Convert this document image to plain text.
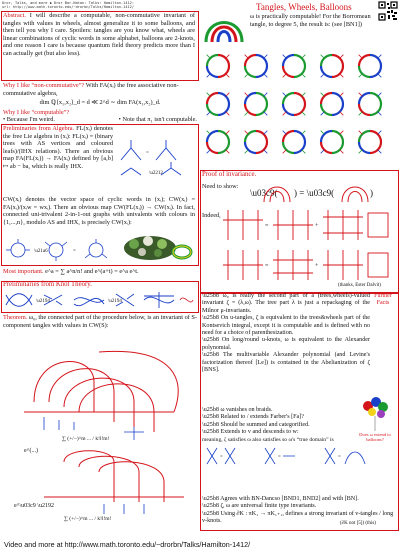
Dror, Talks, and more ◆ Dror Bar-Natan: Talks: Hamilton-1412:
url: http://www.math.toronto.edu/~drorbn/Talks/Hamilton-1412/	Tangles, Wheels, Balloons
Abstract. I will describe a computable, non-commutative invariant of tangles with values in wheels, almost generalize it to some balloons, and then tell you why I care. Spoilers: tangles are you know what, wheels are linear combinations of cyclic words in some alphabet, balloons are 2-knots, and one reason I care is because quantum field theory predicts more than I can actually get (but also less).
Why I like “non-commutative”? With FA(xᵢ) the free associative non-commutative algebra,
dim ℚ⟨x₁,x₂⟩_d = d ≪ 2^d ∼ dim FA(x₁,x₂)_d.
Why I like “computable”?
• Because I'm weird.	• Note that π₁ isn't computable.
Preliminaries from Algebra. FL(xᵢ) denotes the free Lie algebra in (xᵢ): FL(xᵢ) = (binary trees with AS vertices and coloured leafs)/(IHX relations). There an obvious map FA(FL(xᵢ)) → FA(xᵢ) defined by [a,b] ↦ ab − ba, which is really IHX.
=
\u2212
CW(xᵢ) denotes the vector space of cyclic words in (xᵢ); CW(xᵢ) = FA(xᵢ)/(xᵢw = wxᵢ). There an obvious map CW(FL(xᵢ)) → CW(xᵢ). In fact, connected uni-trivalent 2-in-1-out graphs with univalents with colours in {1,...,n}, modulo AS and IHX, is precisely CW(xᵢ):
\u21a6	=
Most important. e^a = ∑ a^n/n! and e^(a+t) = e^a e^t.
Preliminaries from Knot Theory.
\u2194	\u2194
Theorem. ω₀, the connected part of the procedure below, is an invariant of S-component tangles with values in CW(S):
e^(...)
∑ (+/−)^m ... / k!l!m!
e^\u03c9 \u2192
∑ (+/−)^m ... / k!l!m!
ω is practically computable! For the Borromean tangle, to degree 5, the result is: (see [BN1])
Proof of invariance.
Need to show:
\u03c9( ) = \u03c9(	)
Indeed,
=	+
=	+
(thanks, Ester Dalvit)
Further Facts
\u25b8 ω₀ is really the second part of a (trees,wheels)-valued invariant ζ = (λ,ω). The tree part λ is just a repackaging of the Milnor μ-invariants.
\u25b8 On u-tangles, ζ is equivalent to the trees&wheels part of the Kontsevich integral, except it is computable and is defined with no need for a choice of parenthesization.
\u25b8 On long/round u-knots, ω is equivalent to the Alexander polynomial.
\u25b8 The multivariable Alexander polynomial (and Levine's factorization thereof [Le]) is contained in the Abelianization of ζ [BNS].
\u25b8 ω vanishes on braids.
\u25b8 Related to / extends Farber's [Fa]?
\u25b8 Should be summed and categorified.
\u25b8 Extends to v and descends to w:	Does ω extend to balloons?
meaning, ζ satisfies ω also satisfies so ω's “true domain” is
=	=	=
\u25b8 Agrees with BN-Dancso [BND1, BND2] and with [BN].
\u25b8 ζ, ω are universal finite type invariants.
\u25b8 Using ∂K : πK₁ → πK₁₊₁, defines a strong invariant of v-tangles / long v-knots.	(∂K not [5]) (this)
Video and more at http://www.math.toronto.edu/~drorbn/Talks/Hamilton-1412/
